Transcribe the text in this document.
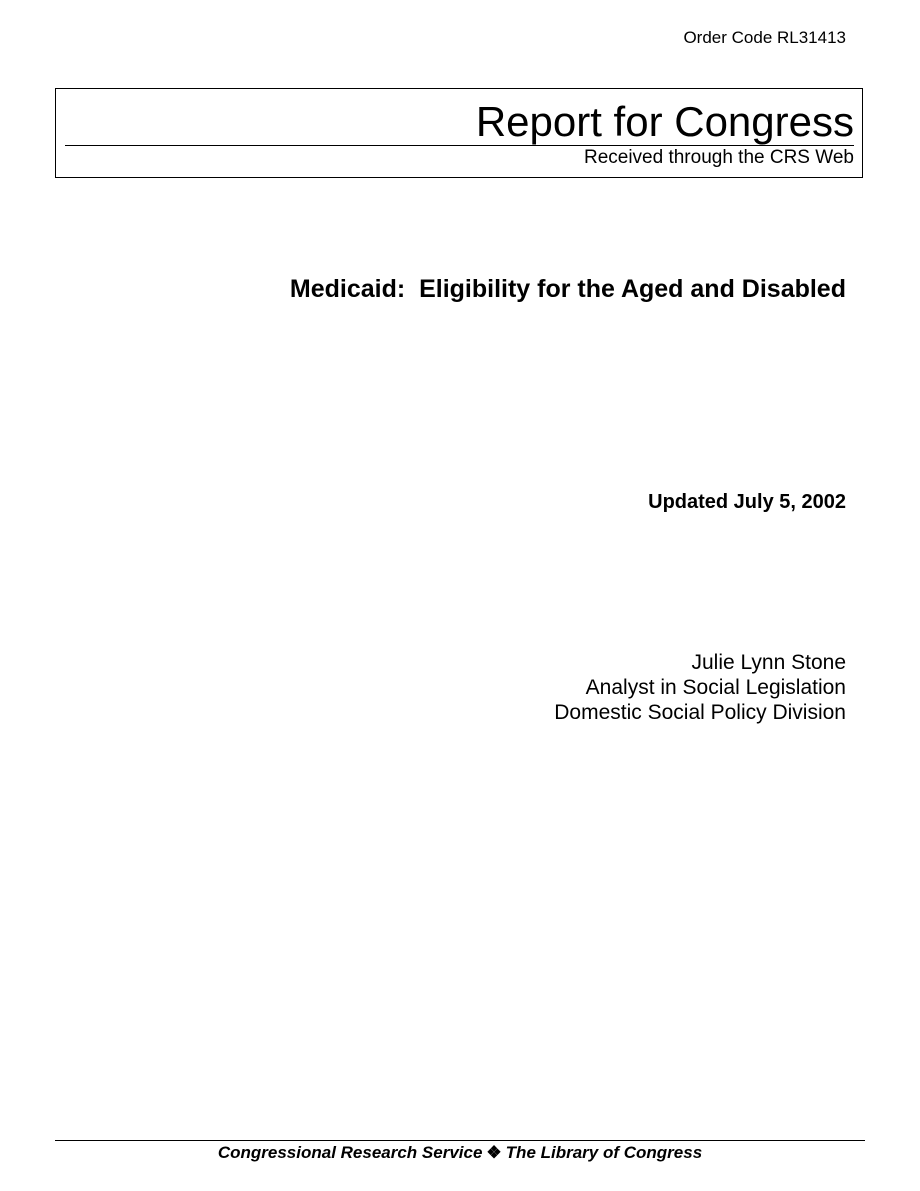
Order Code RL31413
Report for Congress
Received through the CRS Web
Medicaid:  Eligibility for the Aged and Disabled
Updated July 5, 2002
Julie Lynn Stone
Analyst in Social Legislation
Domestic Social Policy Division
Congressional Research Service ❖ The Library of Congress
